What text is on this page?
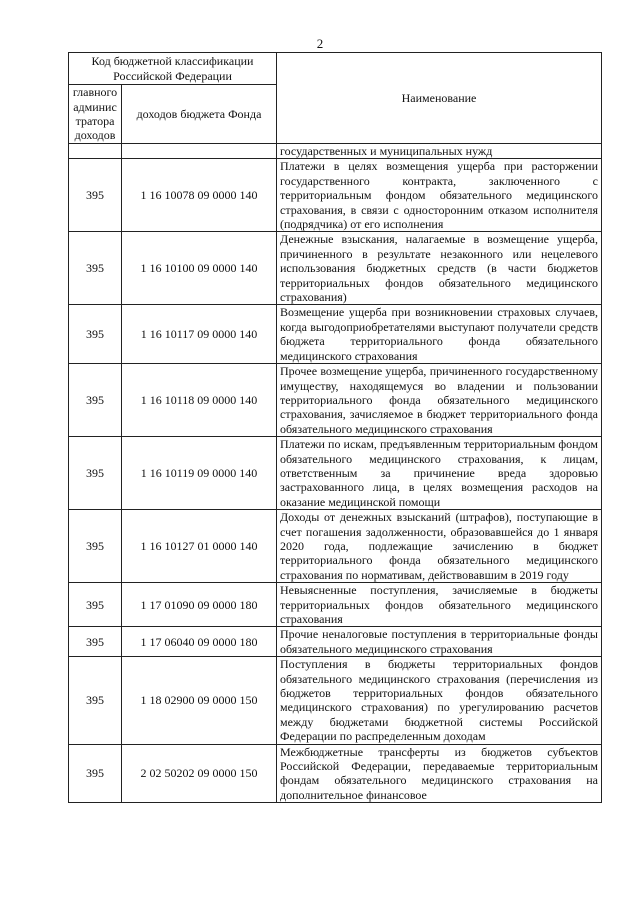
2
Код бюджетной классификации Российской Федерации		Наименование
главного админис тратора доходов	доходов бюджета Фонда	
		государственных и муниципальных нужд
395	1 16 10078 09 0000 140	Платежи в целях возмещения ущерба при расторжении государственного контракта, заключенного с территориальным фондом обязательного медицинского страхования, в связи с односторонним отказом исполнителя (подрядчика) от его исполнения
395	1 16 10100 09 0000 140	Денежные взыскания, налагаемые в возмещение ущерба, причиненного в результате незаконного или нецелевого использования бюджетных средств (в части бюджетов территориальных фондов обязательного медицинского страхования)
395	1 16 10117 09 0000 140	Возмещение ущерба при возникновении страховых случаев, когда выгодоприобретателями выступают получатели средств бюджета территориального фонда обязательного медицинского страхования
395	1 16 10118 09 0000 140	Прочее возмещение ущерба, причиненного государственному имуществу, находящемуся во владении и пользовании территориального фонда обязательного медицинского страхования, зачисляемое в бюджет территориального фонда обязательного медицинского страхования
395	1 16 10119 09 0000 140	Платежи по искам, предъявленным территориальным фондом обязательного медицинского страхования, к лицам, ответственным за причинение вреда здоровью застрахованного лица, в целях возмещения расходов на оказание медицинской помощи
395	1 16 10127 01 0000 140	Доходы от денежных взысканий (штрафов), поступающие в счет погашения задолженности, образовавшейся до 1 января 2020 года, подлежащие зачислению в бюджет территориального фонда обязательного медицинского страхования по нормативам, действовавшим в 2019 году
395	1 17 01090 09 0000 180	Невыясненные поступления, зачисляемые в бюджеты территориальных фондов обязательного медицинского страхования
395	1 17 06040 09 0000 180	Прочие неналоговые поступления в территориальные фонды обязательного медицинского страхования
395	1 18 02900 09 0000 150	Поступления в бюджеты территориальных фондов обязательного медицинского страхования (перечисления из бюджетов территориальных фондов обязательного медицинского страхования) по урегулированию расчетов между бюджетами бюджетной системы Российской Федерации по распределенным доходам
395	2 02 50202 09 0000 150	Межбюджетные трансферты из бюджетов субъектов Российской Федерации, передаваемые территориальным фондам обязательного медицинского страхования на дополнительное финансовое
